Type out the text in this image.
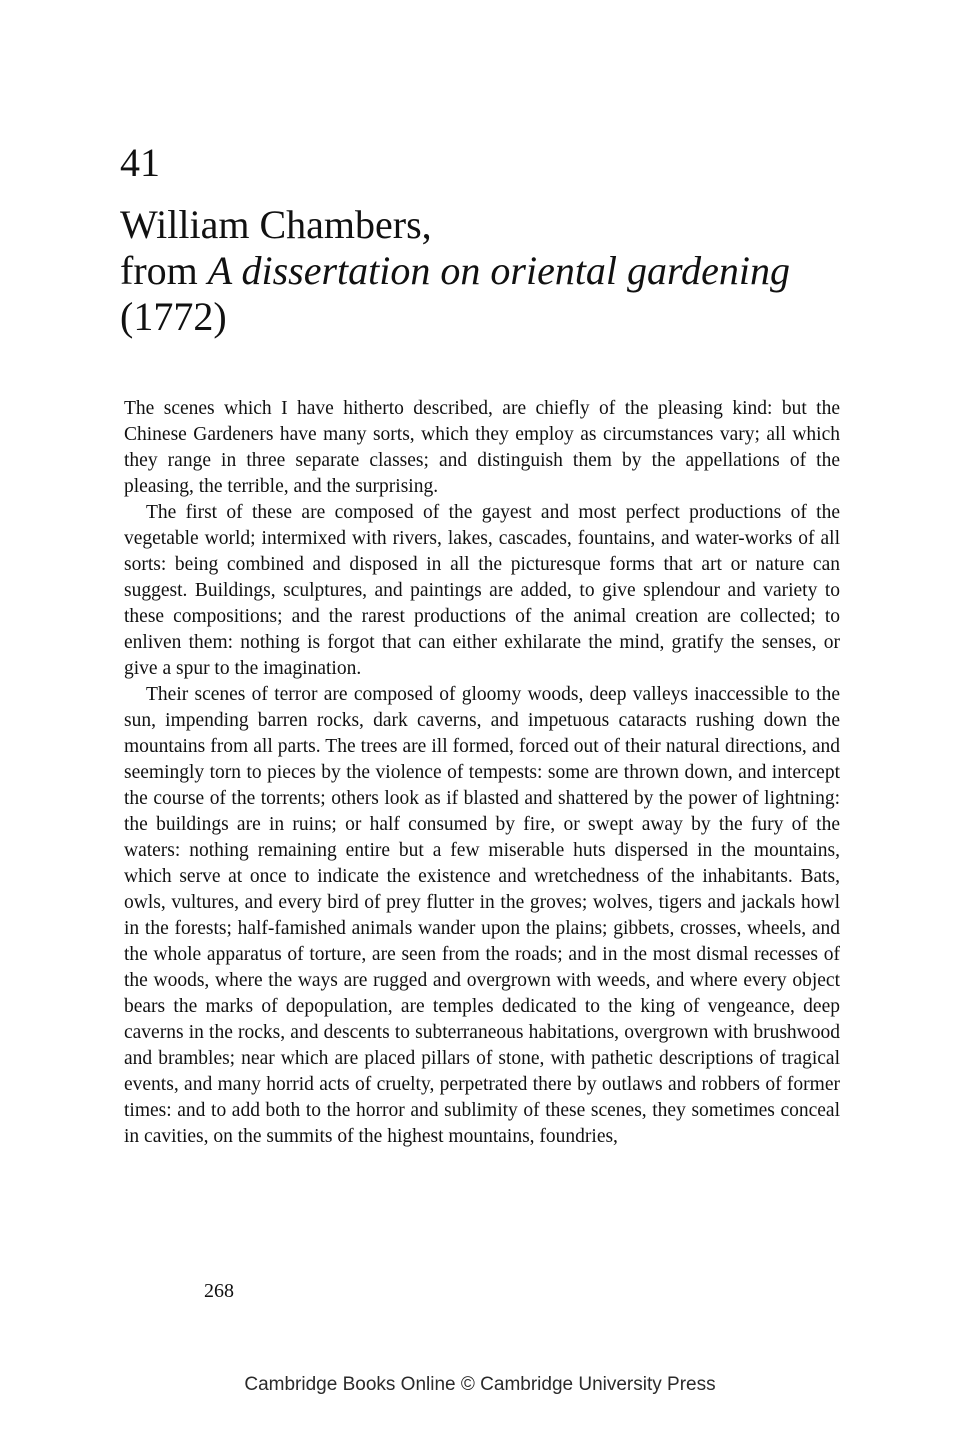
41
William Chambers,
from A dissertation on oriental gardening
(1772)

The scenes which I have hitherto described, are chiefly of the pleasing kind: but the Chinese Gardeners have many sorts, which they employ as circumstances vary; all which they range in three separate classes; and distinguish them by the appellations of the pleasing, the terrible, and the surprising.

The first of these are composed of the gayest and most perfect productions of the vegetable world; intermixed with rivers, lakes, cascades, fountains, and water-works of all sorts: being combined and disposed in all the picturesque forms that art or nature can suggest. Buildings, sculptures, and paintings are added, to give splendour and variety to these compositions; and the rarest productions of the animal creation are collected; to enliven them: nothing is forgot that can either exhilarate the mind, gratify the senses, or give a spur to the imagination.

Their scenes of terror are composed of gloomy woods, deep valleys inaccessible to the sun, impending barren rocks, dark caverns, and impetuous cataracts rushing down the mountains from all parts. The trees are ill formed, forced out of their natural directions, and seemingly torn to pieces by the violence of tempests: some are thrown down, and intercept the course of the torrents; others look as if blasted and shattered by the power of lightning: the buildings are in ruins; or half consumed by fire, or swept away by the fury of the waters: nothing remaining entire but a few miserable huts dispersed in the mountains, which serve at once to indicate the existence and wretchedness of the inhabitants. Bats, owls, vultures, and every bird of prey flutter in the groves; wolves, tigers and jackals howl in the forests; half-famished animals wander upon the plains; gibbets, crosses, wheels, and the whole apparatus of torture, are seen from the roads; and in the most dismal recesses of the woods, where the ways are rugged and overgrown with weeds, and where every object bears the marks of depopulation, are temples dedicated to the king of vengeance, deep caverns in the rocks, and descents to subterraneous habitations, overgrown with brushwood and brambles; near which are placed pillars of stone, with pathetic descriptions of tragical events, and many horrid acts of cruelty, perpetrated there by outlaws and robbers of former times: and to add both to the horror and sublimity of these scenes, they sometimes conceal in cavities, on the summits of the highest mountains, foundries,

268
Cambridge Books Online © Cambridge University Press
